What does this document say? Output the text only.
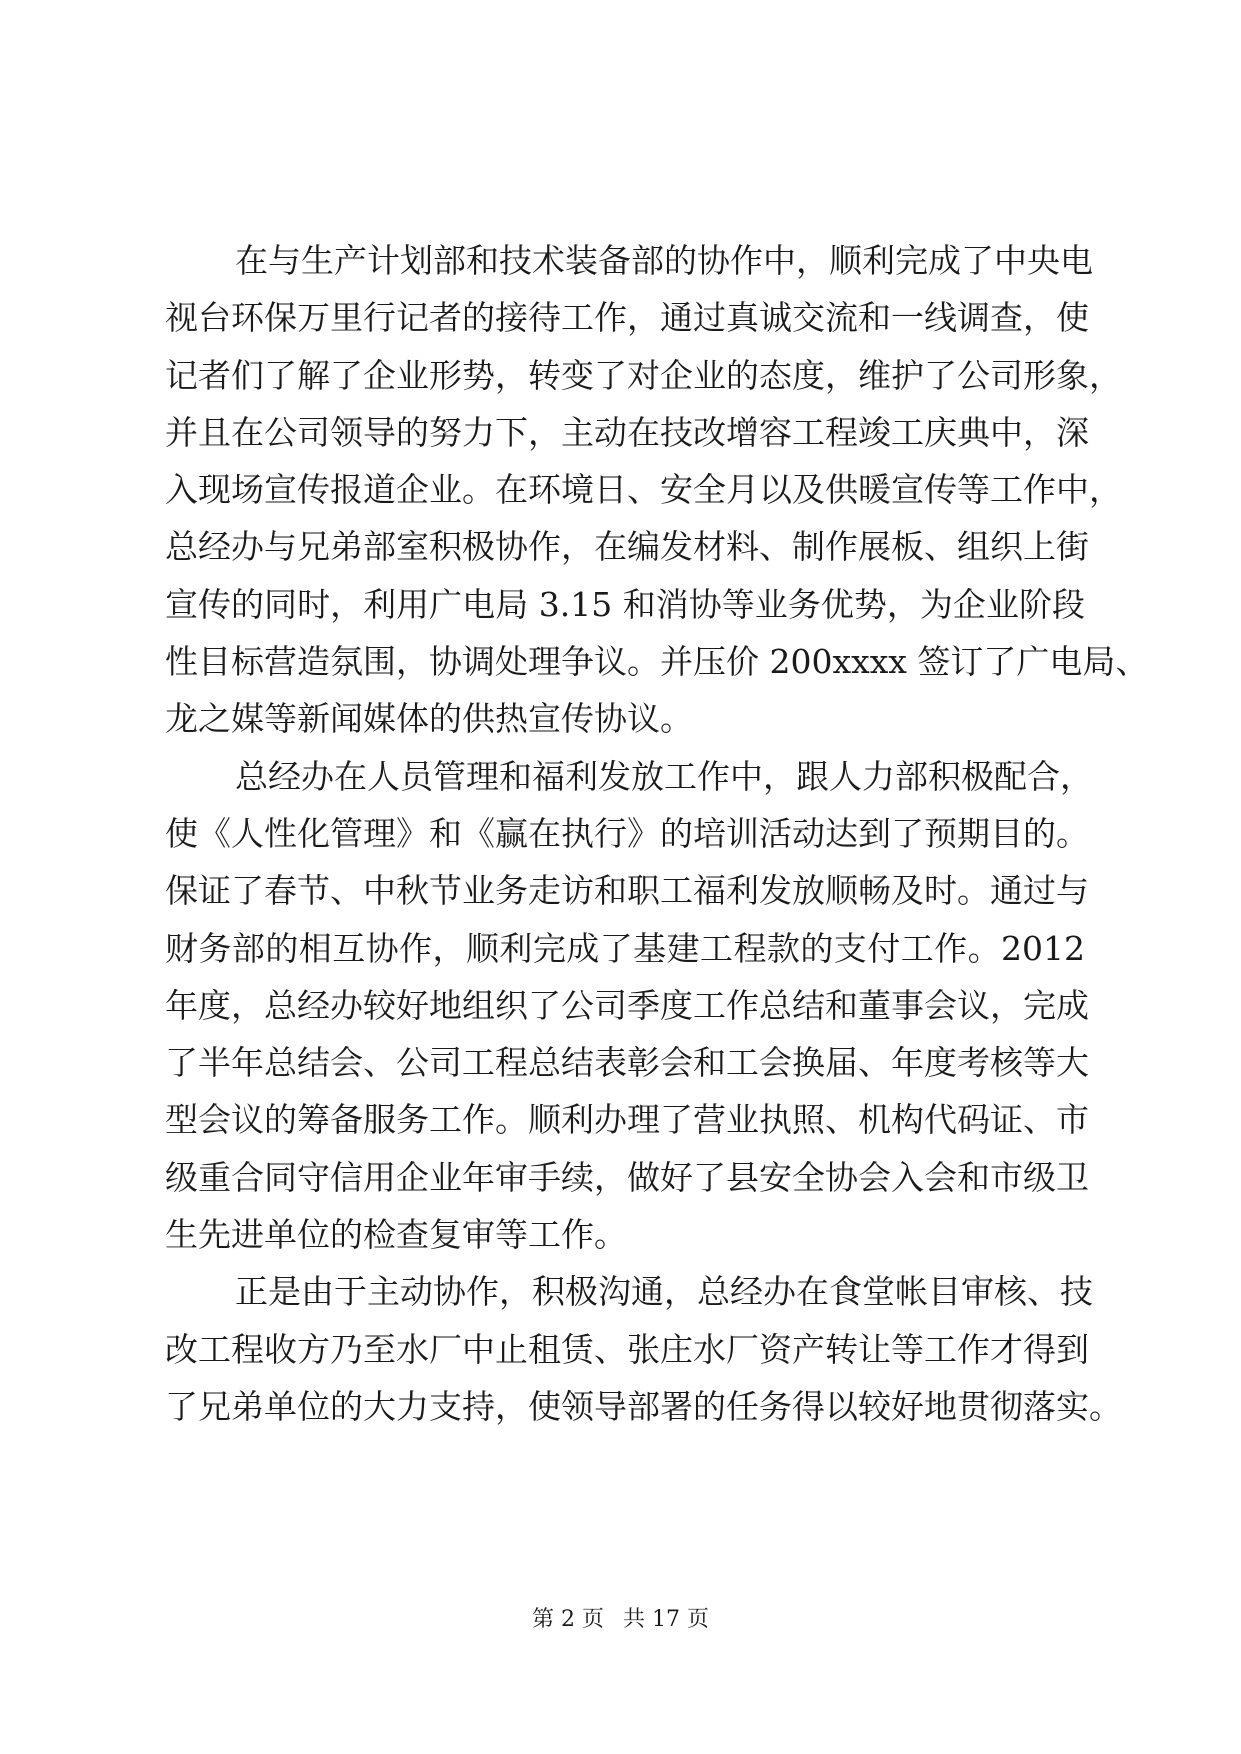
在与生产计划部和技术装备部的协作中，顺利完成了中央电
视台环保万里行记者的接待工作，通过真诚交流和一线调查，使
记者们了解了企业形势，转变了对企业的态度，维护了公司形象，
并且在公司领导的努力下，主动在技改增容工程竣工庆典中，深
入现场宣传报道企业。在环境日、安全月以及供暖宣传等工作中，
总经办与兄弟部室积极协作，在编发材料、制作展板、组织上街
宣传的同时，利用广电局 3.15 和消协等业务优势，为企业阶段
性目标营造氛围，协调处理争议。并压价 200xxxx 签订了广电局、
龙之媒等新闻媒体的供热宣传协议。
总经办在人员管理和福利发放工作中，跟人力部积极配合，
使《人性化管理》和《赢在执行》的培训活动达到了预期目的。
保证了春节、中秋节业务走访和职工福利发放顺畅及时。通过与
财务部的相互协作，顺利完成了基建工程款的支付工作。2012
年度，总经办较好地组织了公司季度工作总结和董事会议，完成
了半年总结会、公司工程总结表彰会和工会换届、年度考核等大
型会议的筹备服务工作。顺利办理了营业执照、机构代码证、市
级重合同守信用企业年审手续，做好了县安全协会入会和市级卫
生先进单位的检查复审等工作。
正是由于主动协作，积极沟通，总经办在食堂帐目审核、技
改工程收方乃至水厂中止租赁、张庄水厂资产转让等工作才得到
了兄弟单位的大力支持，使领导部署的任务得以较好地贯彻落实。
第 2 页 共 17 页
